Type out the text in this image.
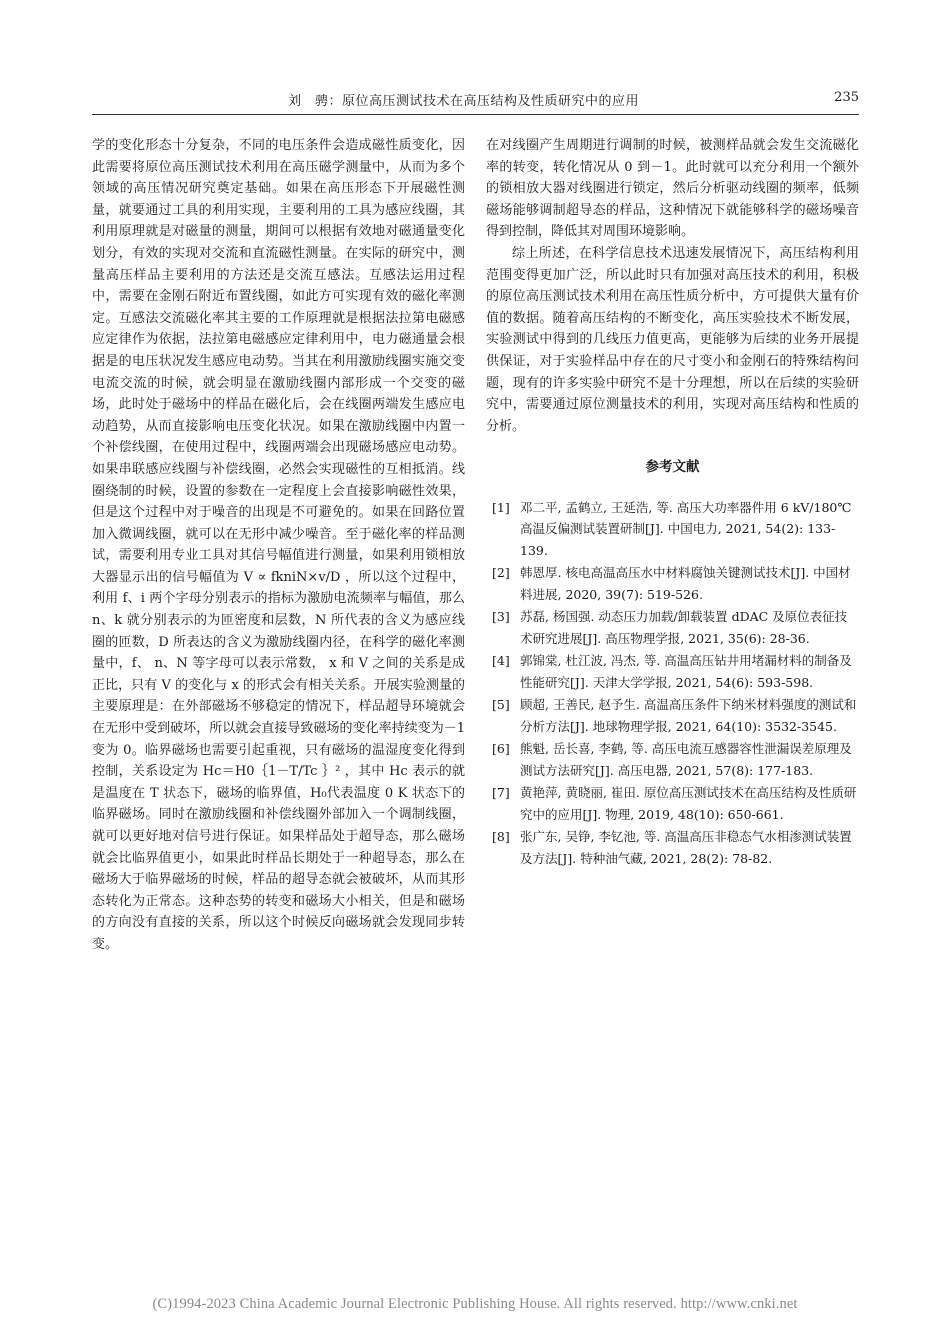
刘　骋：原位高压测试技术在高压结构及性质研究中的应用	235

学的变化形态十分复杂，不同的电压条件会造成磁性质变化，因此需要将原位高压测试技术利用在高压磁学测量中，从而为多个领域的高压情况研究奠定基础。如果在高压形态下开展磁性测量，就要通过工具的利用实现，主要利用的工具为感应线圈，其利用原理就是对磁量的测量，期间可以根据有效地对磁通量变化划分，有效的实现对交流和直流磁性测量。在实际的研究中，测量高压样品主要利用的方法还是交流互感法。互感法运用过程中，需要在金刚石附近布置线圈，如此方可实现有效的磁化率测定。互感法交流磁化率其主要的工作原理就是根据法拉第电磁感应定律作为依据，法拉第电磁感应定律利用中，电力磁通量会根据是的电压状况发生感应电动势。当其在利用激励线圈实施交变电流交流的时候，就会明显在激励线圈内部形成一个交变的磁场，此时处于磁场中的样品在磁化后，会在线圈两端发生感应电动趋势，从而直接影响电压变化状况。如果在激励线圈中内置一个补偿线圈，在使用过程中，线圈两端会出现磁场感应电动势。如果串联感应线圈与补偿线圈，必然会实现磁性的互相抵消。线圈绕制的时候，设置的参数在一定程度上会直接影响磁性效果，但是这个过程中对于噪音的出现是不可避免的。如果在回路位置加入微调线圈，就可以在无形中减少噪音。至于磁化率的样品测试，需要利用专业工具对其信号幅值进行测量，如果利用锁相放大器显示出的信号幅值为 V ∝ fkniN×v/D ，所以这个过程中，利用 f、i 两个字母分别表示的指标为激励电流频率与幅值，那么 n、k 就分别表示的为匝密度和层数，N 所代表的含义为感应线圈的匝数，D 所表达的含义为激励线圈内径，在科学的磁化率测量中，f、 n、N 等字母可以表示常数， x 和 V 之间的关系是成正比，只有 V 的变化与 x 的形式会有相关关系。开展实验测量的主要原理是：在外部磁场不够稳定的情况下，样品超导环境就会在无形中受到破坏，所以就会直接导致磁场的变化率持续变为－1 变为 0。临界磁场也需要引起重视，只有磁场的温湿度变化得到控制，关系设定为 Hc＝H0｛1－T/Tc ｝² ，其中 Hc 表示的就是温度在 T 状态下，磁场的临界值，H₀代表温度 0 K 状态下的临界磁场。同时在激励线圈和补偿线圈外部加入一个调制线圈，就可以更好地对信号进行保证。如果样品处于超导态，那么磁场就会比临界值更小，如果此时样品长期处于一种超导态，那么在磁场大于临界磁场的时候，样品的超导态就会被破坏，从而其形态转化为正常态。这种态势的转变和磁场大小相关，但是和磁场的方向没有直接的关系，所以这个时候反向磁场就会发现同步转变。

在对线圈产生周期进行调制的时候，被测样品就会发生交流磁化率的转变，转化情况从 0 到－1。此时就可以充分利用一个额外的锁相放大器对线圈进行锁定，然后分析驱动线圈的频率，低频磁场能够调制超导态的样品，这种情况下就能够科学的磁场噪音得到控制，降低其对周围环境影响。

综上所述，在科学信息技术迅速发展情况下，高压结构利用范围变得更加广泛，所以此时只有加强对高压技术的利用，积极的原位高压测试技术利用在高压性质分析中，方可提供大量有价值的数据。随着高压结构的不断变化，高压实验技术不断发展，实验测试中得到的几线压力值更高，更能够为后续的业务开展提供保证，对于实验样品中存在的尺寸变小和金刚石的特殊结构问题，现有的许多实验中研究不是十分理想，所以在后续的实验研究中，需要通过原位测量技术的利用，实现对高压结构和性质的分析。

参考文献

[1] 邓二平, 孟鹤立, 王延浩, 等. 高压大功率器件用 6 kV/180℃高温反偏测试装置研制[J]. 中国电力, 2021, 54(2): 133-139.
[2] 韩恩厚. 核电高温高压水中材料腐蚀关键测试技术[J]. 中国材料进展, 2020, 39(7): 519-526.
[3] 苏磊, 杨国强. 动态压力加载/卸载装置 dDAC 及原位表征技术研究进展[J]. 高压物理学报, 2021, 35(6): 28-36.
[4] 郭锦棠, 杜江波, 冯杰, 等. 高温高压钻井用堵漏材料的制备及性能研究[J]. 天津大学学报, 2021, 54(6): 593-598.
[5] 顾超, 王善民, 赵予生. 高温高压条件下纳米材料强度的测试和分析方法[J]. 地球物理学报, 2021, 64(10): 3532-3545.
[6] 熊魁, 岳长喜, 李鹤, 等. 高压电流互感器容性泄漏误差原理及测试方法研究[J]. 高压电器, 2021, 57(8): 177-183.
[7] 黄艳萍, 黄晓丽, 崔田. 原位高压测试技术在高压结构及性质研究中的应用[J]. 物理, 2019, 48(10): 650-661.
[8] 张广东, 吴铮, 李钇池, 等. 高温高压非稳态气水相渗测试装置及方法[J]. 特种油气藏, 2021, 28(2): 78-82.
(C)1994-2023 China Academic Journal Electronic Publishing House. All rights reserved. http://www.cnki.net
